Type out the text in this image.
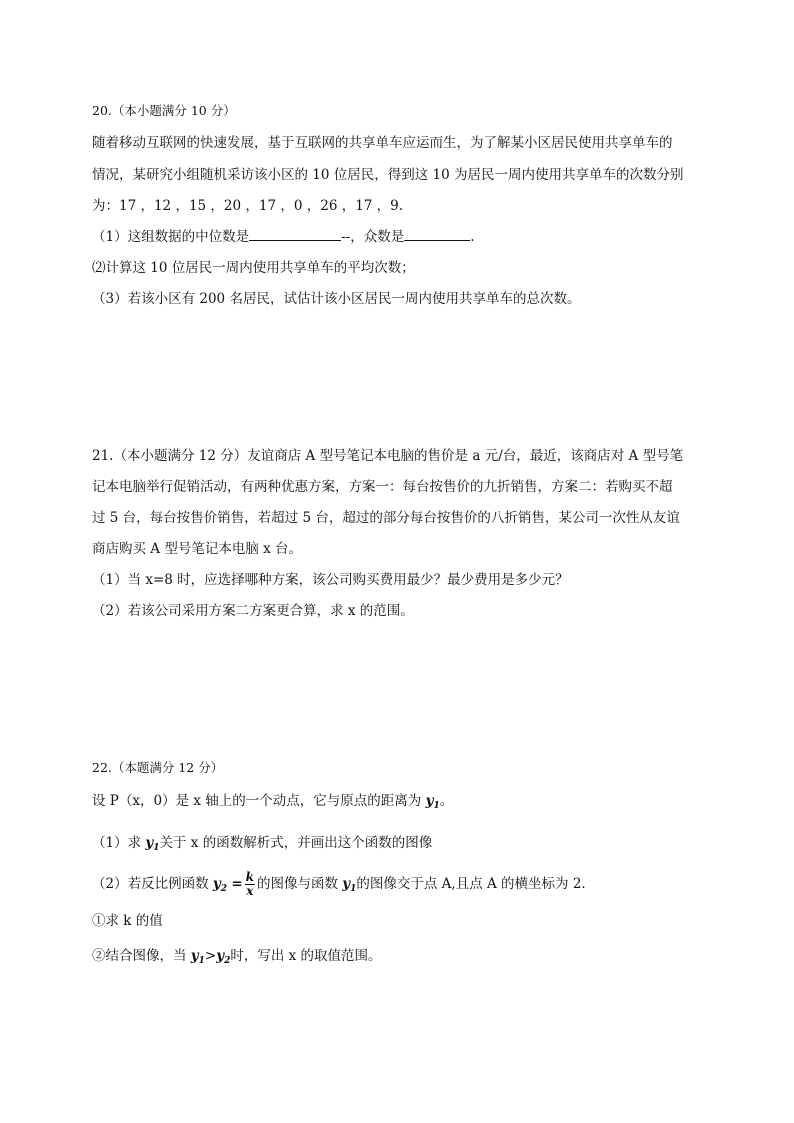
20.（本小题满分 10 分）
随着移动互联网的快速发展，基于互联网的共享单车应运而生，为了解某小区居民使用共享单车的
情况，某研究小组随机采访该小区的 10 位居民，得到这 10 为居民一周内使用共享单车的次数分别
为：17 ，12 ，15 ，20 ，17 ，0 ，26 ，17 ，9.
（1）这组数据的中位数是	--，众数是	.
⑵计算这 10 位居民一周内使用共享单车的平均次数；
（3）若该小区有 200 名居民，试估计该小区居民一周内使用共享单车的总次数。
21.（本小题满分 12 分）友谊商店 A 型号笔记本电脑的售价是 a 元/台，最近，该商店对 A 型号笔
记本电脑举行促销活动，有两种优惠方案，方案一：每台按售价的九折销售，方案二：若购买不超
过 5 台，每台按售价销售，若超过 5 台，超过的部分每台按售价的八折销售，某公司一次性从友谊
商店购买 A 型号笔记本电脑 x 台。
（1）当 x=8 时，应选择哪种方案，该公司购买费用最少？最少费用是多少元？
（2）若该公司采用方案二方案更合算，求 x 的范围。
22.（本题满分 12 分）
设 P（x，0）是 x 轴上的一个动点，它与原点的距离为 $y_1$。
（1）求 $y_1$关于 x 的函数解析式，并画出这个函数的图像
（2）若反比例函数 $y_2 = \frac{k}{x}$ 的图像与函数 $y_1$的图像交于点 A,且点 A 的横坐标为 2.
①求 k 的值
②结合图像，当 $y_1>y_2$时，写出 x 的取值范围。
